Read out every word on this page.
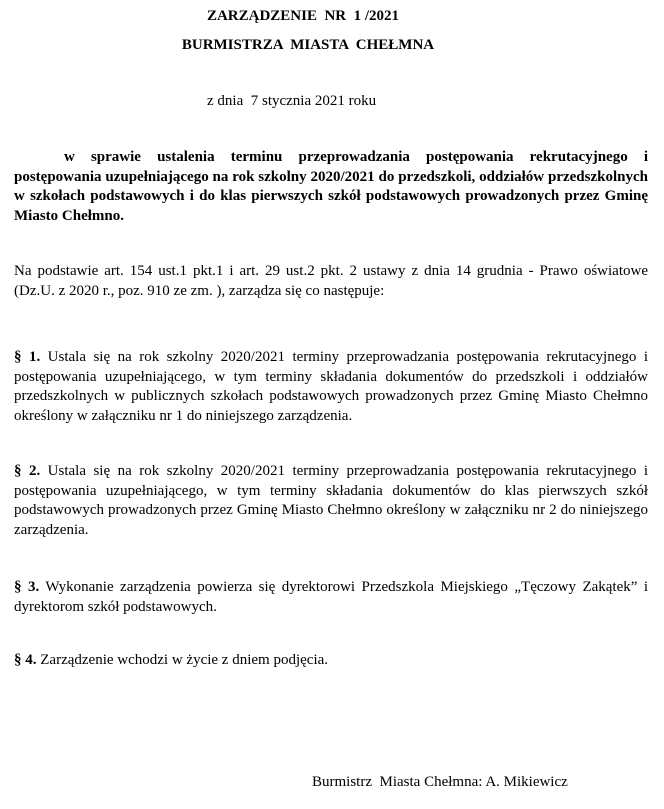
ZARZĄDZENIE  NR  1 /2021
BURMISTRZA  MIASTA  CHEŁMNA
z dnia  7 stycznia 2021 roku
w sprawie ustalenia terminu przeprowadzania postępowania rekrutacyjnego i postępowania uzupełniającego na rok szkolny 2020/2021 do przedszkoli, oddziałów przedszkolnych w szkołach podstawowych i do klas pierwszych szkół podstawowych prowadzonych przez Gminę Miasto Chełmno.
Na podstawie art. 154 ust.1 pkt.1 i art. 29 ust.2 pkt. 2 ustawy z dnia 14 grudnia - Prawo oświatowe (Dz.U. z 2020 r., poz. 910 ze zm. ), zarządza się co następuje:
§ 1. Ustala się na rok szkolny 2020/2021 terminy przeprowadzania postępowania rekrutacyjnego i postępowania uzupełniającego, w tym terminy składania dokumentów do przedszkoli i oddziałów przedszkolnych w publicznych szkołach podstawowych prowadzonych przez Gminę Miasto Chełmno określony w załączniku nr 1 do niniejszego zarządzenia.
§ 2. Ustala się na rok szkolny 2020/2021 terminy przeprowadzania postępowania rekrutacyjnego i postępowania uzupełniającego, w tym terminy składania dokumentów do klas pierwszych szkół podstawowych prowadzonych przez Gminę Miasto Chełmno określony w załączniku nr 2 do niniejszego zarządzenia.
§ 3. Wykonanie zarządzenia powierza się dyrektorowi Przedszkola Miejskiego „Tęczowy Zakątek” i dyrektorom szkół podstawowych.
§ 4. Zarządzenie wchodzi w życie z dniem podjęcia.
Burmistrz  Miasta Chełmna: A. Mikiewicz
